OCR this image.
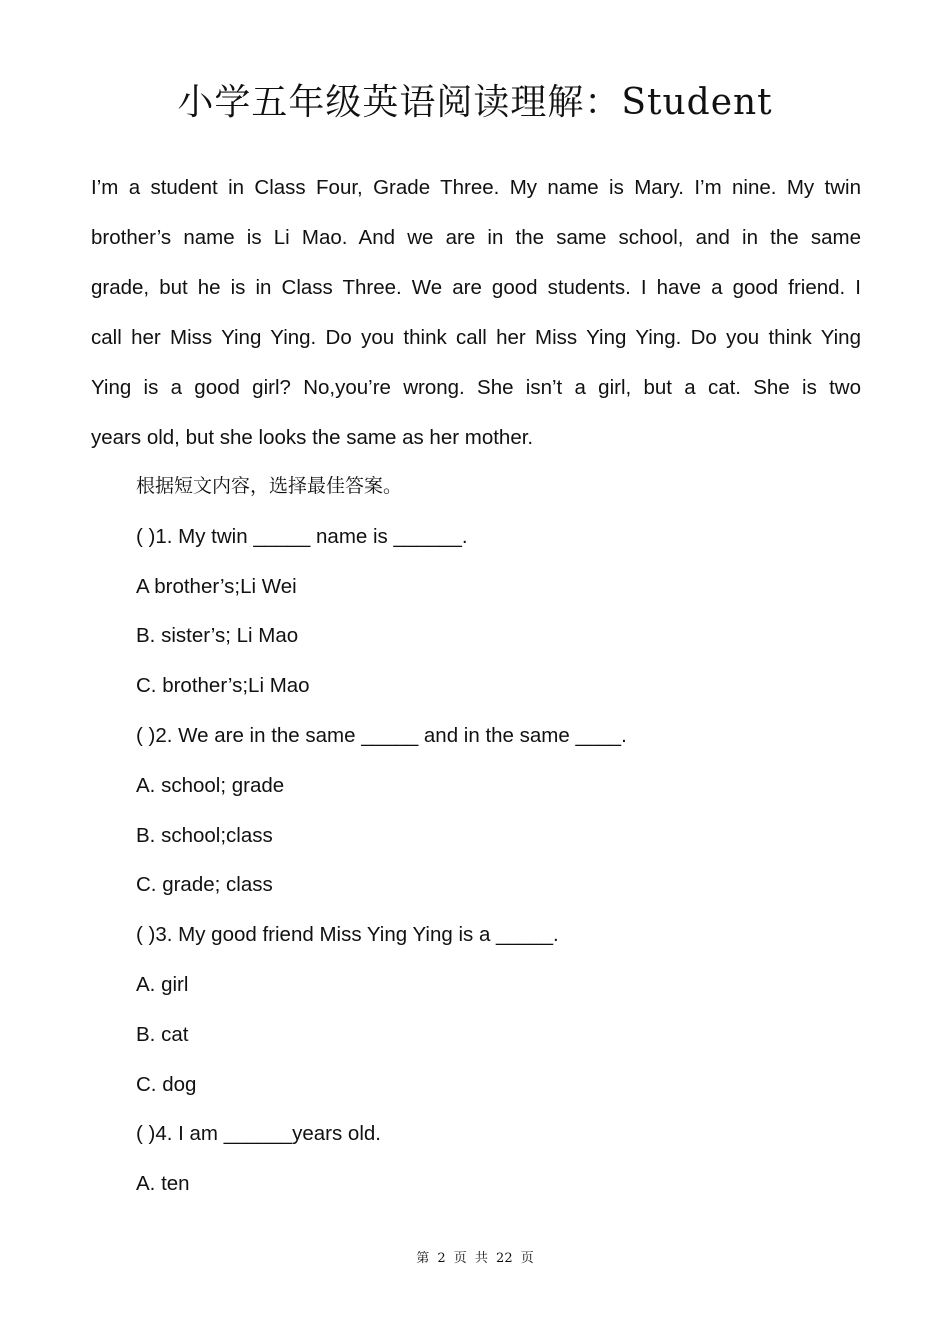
小学五年级英语阅读理解：Student
I’m a student in Class Four, Grade Three. My name is Mary. I’m nine. My twin
brother’s name is Li Mao. And we are in the same school, and in the same
grade, but he is in Class Three. We are good students. I have a good friend. I
call her Miss Ying Ying. Do you think call her Miss Ying Ying. Do you think Ying
Ying is a good girl? No,you’re wrong. She isn’t a girl, but a cat. She is two
years old, but she looks the same as her mother.
根据短文内容，选择最佳答案。
( )1. My twin _____ name is ______.
A brother’s;Li Wei
B. sister’s; Li Mao
C. brother’s;Li Mao
( )2. We are in the same _____ and in the same ____.
A. school; grade
B. school;class
C. grade; class
( )3. My good friend Miss Ying Ying is a _____.
A. girl
B. cat
C. dog
( )4. I am ______years old.
A. ten
第 2 页 共 22 页
